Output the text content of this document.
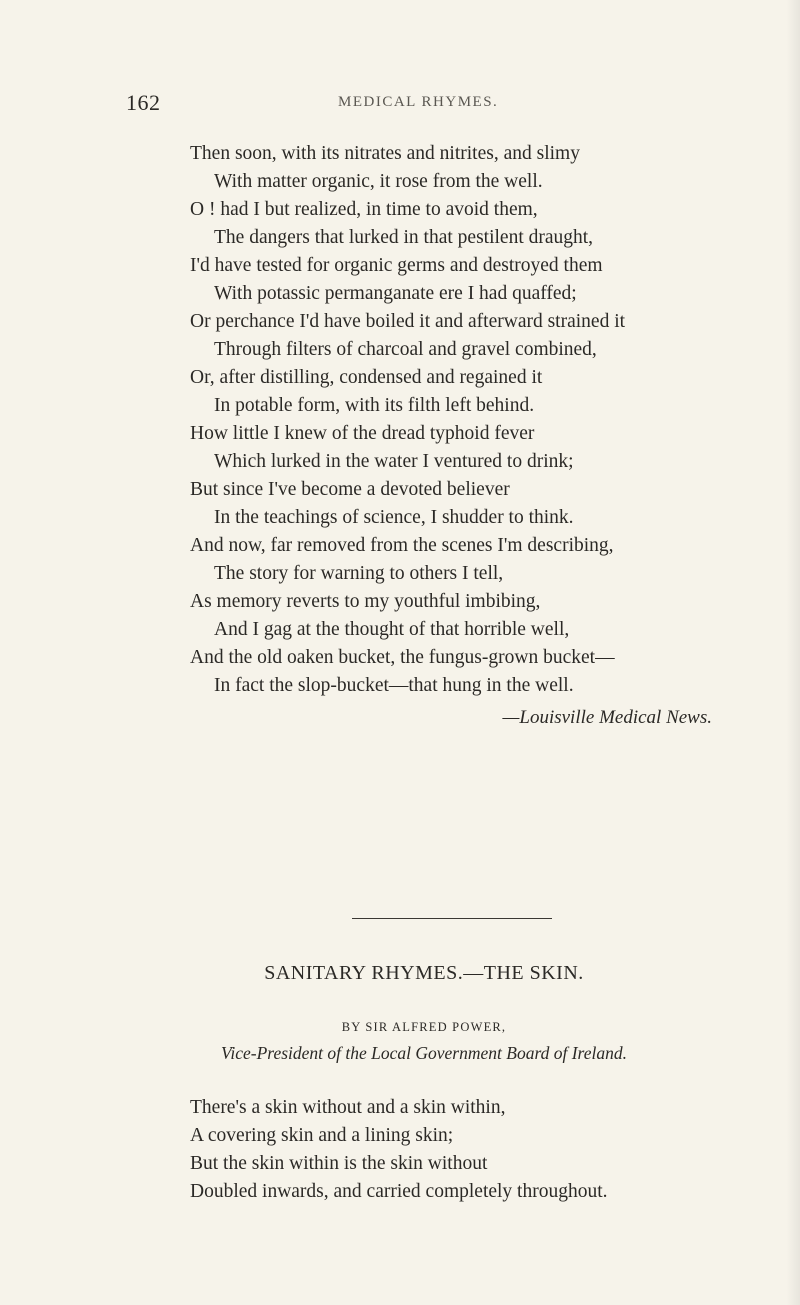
162	MEDICAL RHYMES.
Then soon, with its nitrates and nitrites, and slimy
With matter organic, it rose from the well.
O ! had I but realized, in time to avoid them,
The dangers that lurked in that pestilent draught,
I'd have tested for organic germs and destroyed them
With potassic permanganate ere I had quaffed;
Or perchance I'd have boiled it and afterward strained it
Through filters of charcoal and gravel combined,
Or, after distilling, condensed and regained it
In potable form, with its filth left behind.
How little I knew of the dread typhoid fever
Which lurked in the water I ventured to drink;
But since I've become a devoted believer
In the teachings of science, I shudder to think.
And now, far removed from the scenes I'm describing,
The story for warning to others I tell,
As memory reverts to my youthful imbibing,
And I gag at the thought of that horrible well,
And the old oaken bucket, the fungus-grown bucket—
In fact the slop-bucket—that hung in the well.
—Louisville Medical News.
SANITARY RHYMES.—THE SKIN.
BY SIR ALFRED POWER,
Vice-President of the Local Government Board of Ireland.
There's a skin without and a skin within,
A covering skin and a lining skin;
But the skin within is the skin without
Doubled inwards, and carried completely throughout.
